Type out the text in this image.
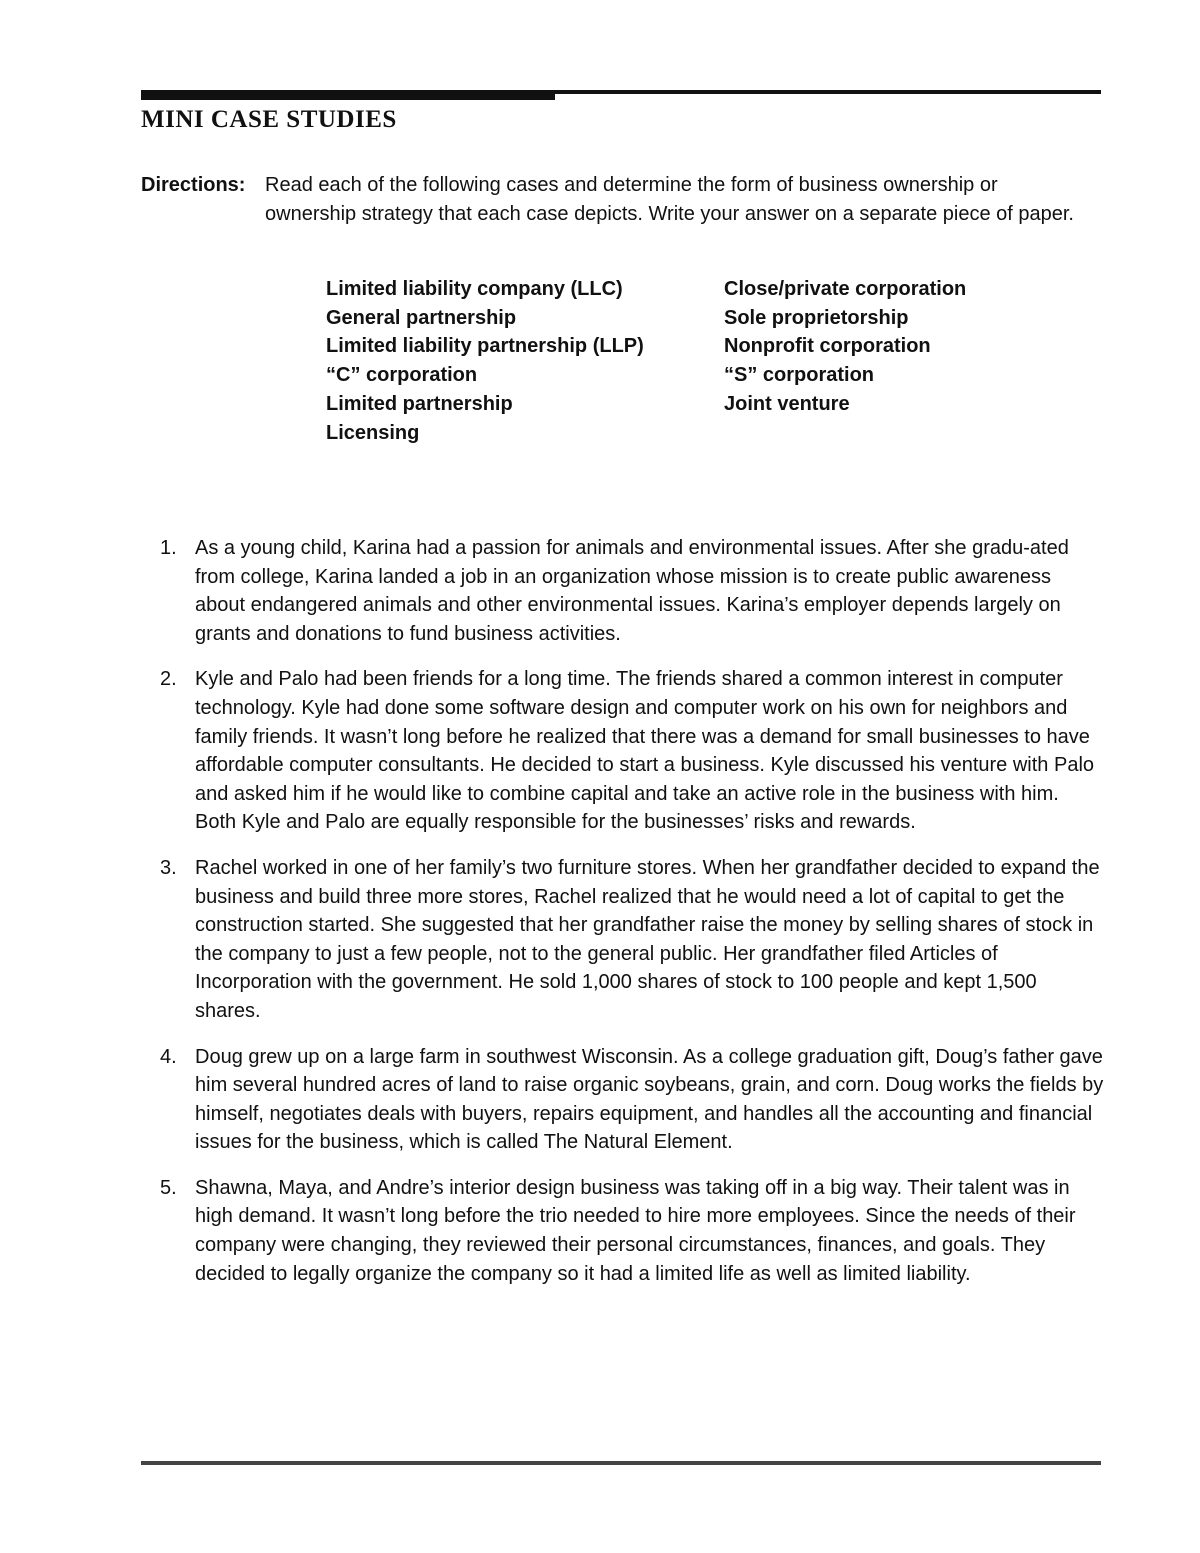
MINI CASE STUDIES
Directions: Read each of the following cases and determine the form of business ownership or ownership strategy that each case depicts. Write your answer on a separate piece of paper.
Limited liability company (LLC)
General partnership
Limited liability partnership (LLP)
“C” corporation
Limited partnership
Licensing
Close/private corporation
Sole proprietorship
Nonprofit corporation
“S” corporation
Joint venture
1. As a young child, Karina had a passion for animals and environmental issues. After she gradu-ated from college, Karina landed a job in an organization whose mission is to create public awareness about endangered animals and other environmental issues. Karina’s employer depends largely on grants and donations to fund business activities.
2. Kyle and Palo had been friends for a long time. The friends shared a common interest in computer technology. Kyle had done some software design and computer work on his own for neighbors and family friends. It wasn’t long before he realized that there was a demand for small businesses to have affordable computer consultants. He decided to start a business. Kyle discussed his venture with Palo and asked him if he would like to combine capital and take an active role in the business with him. Both Kyle and Palo are equally responsible for the businesses’ risks and rewards.
3. Rachel worked in one of her family’s two furniture stores. When her grandfather decided to expand the business and build three more stores, Rachel realized that he would need a lot of capital to get the construction started. She suggested that her grandfather raise the money by selling shares of stock in the company to just a few people, not to the general public. Her grandfather filed Articles of Incorporation with the government. He sold 1,000 shares of stock to 100 people and kept 1,500 shares.
4. Doug grew up on a large farm in southwest Wisconsin. As a college graduation gift, Doug’s father gave him several hundred acres of land to raise organic soybeans, grain, and corn. Doug works the fields by himself, negotiates deals with buyers, repairs equipment, and handles all the accounting and financial issues for the business, which is called The Natural Element.
5. Shawna, Maya, and Andre’s interior design business was taking off in a big way. Their talent was in high demand. It wasn’t long before the trio needed to hire more employees. Since the needs of their company were changing, they reviewed their personal circumstances, finances, and goals. They decided to legally organize the company so it had a limited life as well as limited liability.
